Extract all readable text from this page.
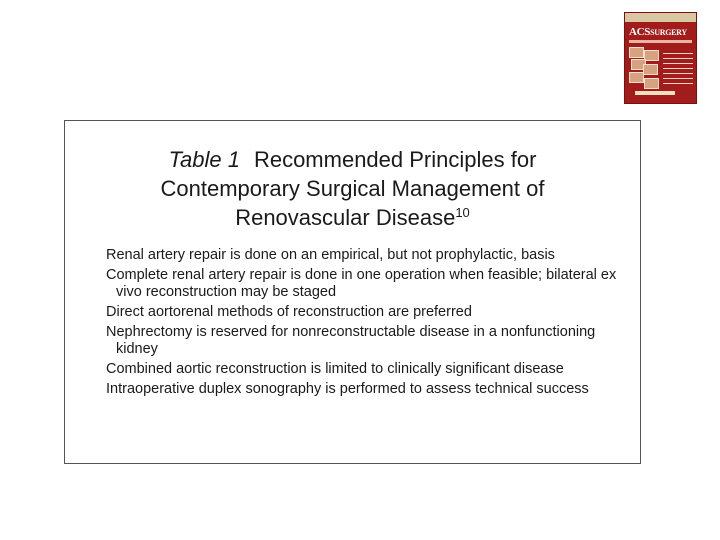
ACSSURGERY
Table 1 Recommended Principles for
Contemporary Surgical Management of
Renovascular Disease$^{10}$
Renal artery repair is done on an empirical, but not prophylactic, basis
Complete renal artery repair is done in one operation when feasible; bilateral ex vivo reconstruction may be staged
Direct aortorenal methods of reconstruction are preferred
Nephrectomy is reserved for nonreconstructable disease in a nonfunctioning kidney
Combined aortic reconstruction is limited to clinically significant disease
Intraoperative duplex sonography is performed to assess technical success
